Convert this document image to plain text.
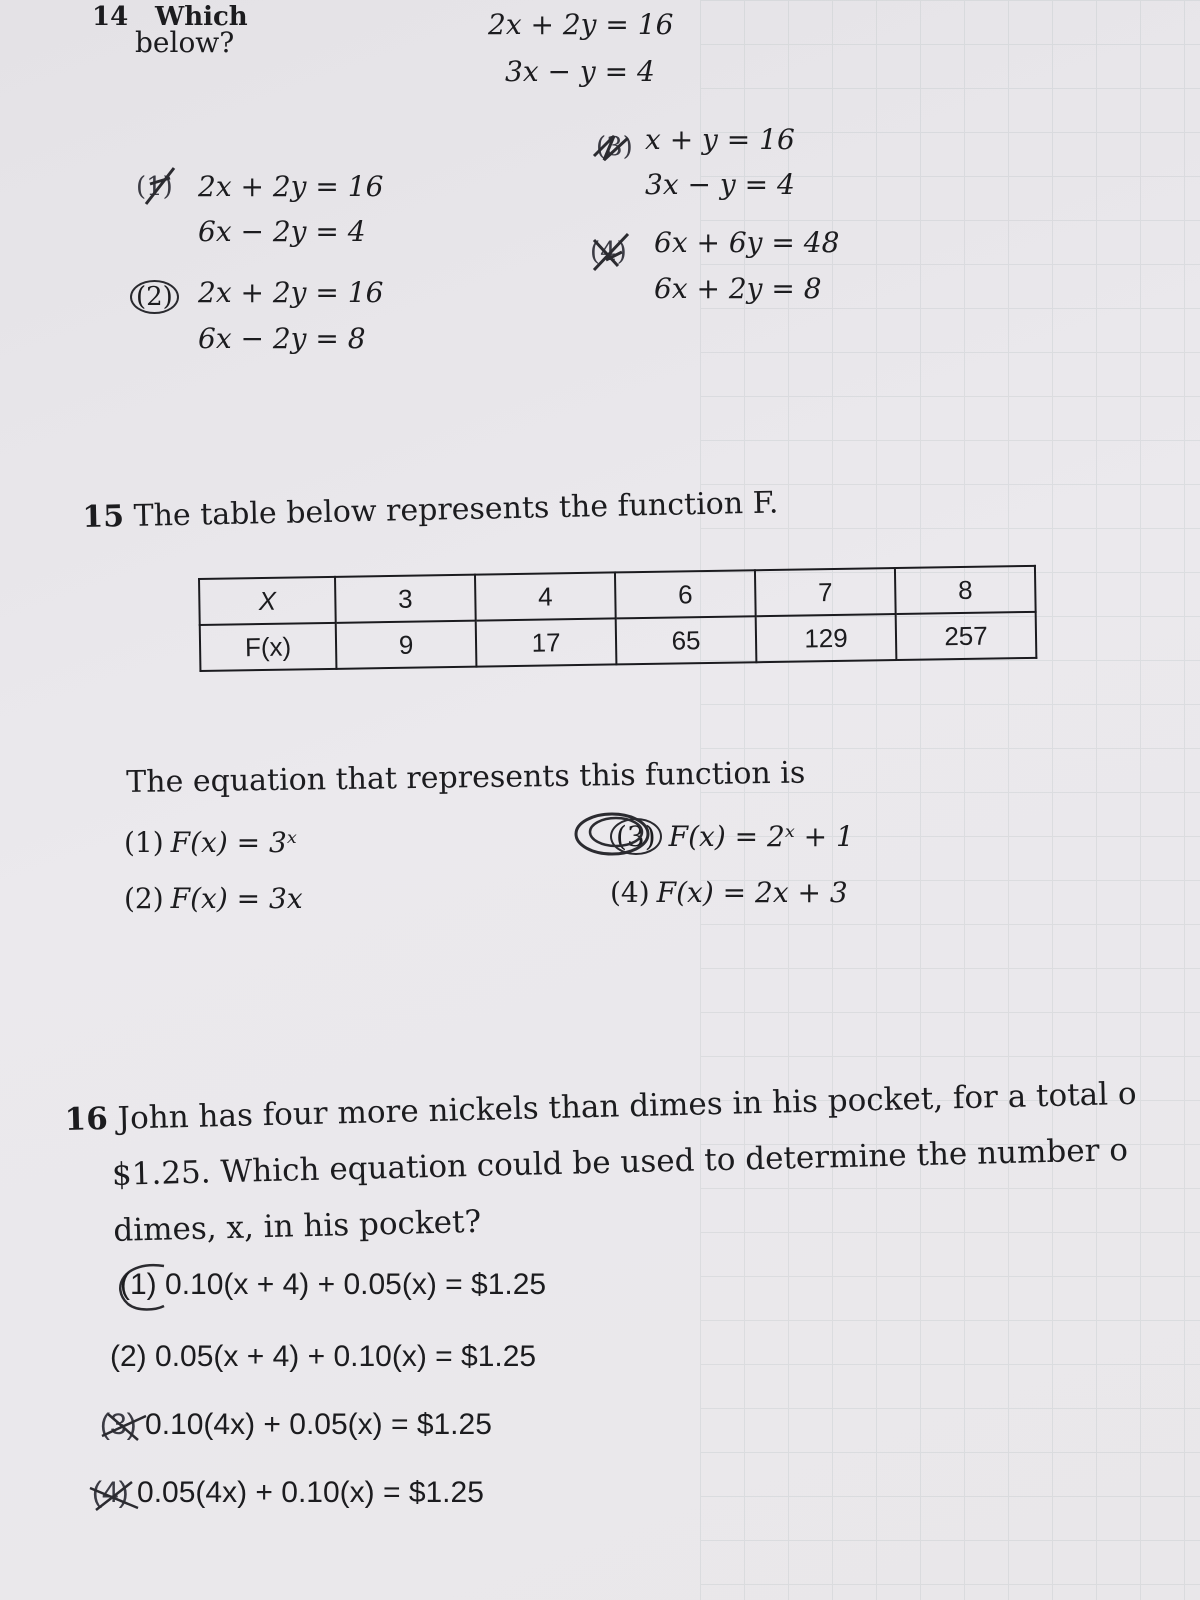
14 Which
below?
2x + 2y = 16
3x − y = 4
(1) 2x + 2y = 16
6x − 2y = 4
(2) 2x + 2y = 16
6x − 2y = 8
(3) x + y = 16
3x − y = 4
(4) 6x + 6y = 48
6x + 2y = 8
15 The table below represents the function F.
X	3	4	6	7	8
F(x)	9	17	65	129	257
The equation that represents this function is
(1) F(x) = 3ˣ
(2) F(x) = 3x
(3) F(x) = 2ˣ + 1
(4) F(x) = 2x + 3
16 John has four more nickels than dimes in his pocket, for a total o
$1.25. Which equation could be used to determine the number o
dimes, x, in his pocket?
(1) 0.10(x + 4) + 0.05(x) = $1.25
(2) 0.05(x + 4) + 0.10(x) = $1.25
(3) 0.10(4x) + 0.05(x) = $1.25
(4) 0.05(4x) + 0.10(x) = $1.25
